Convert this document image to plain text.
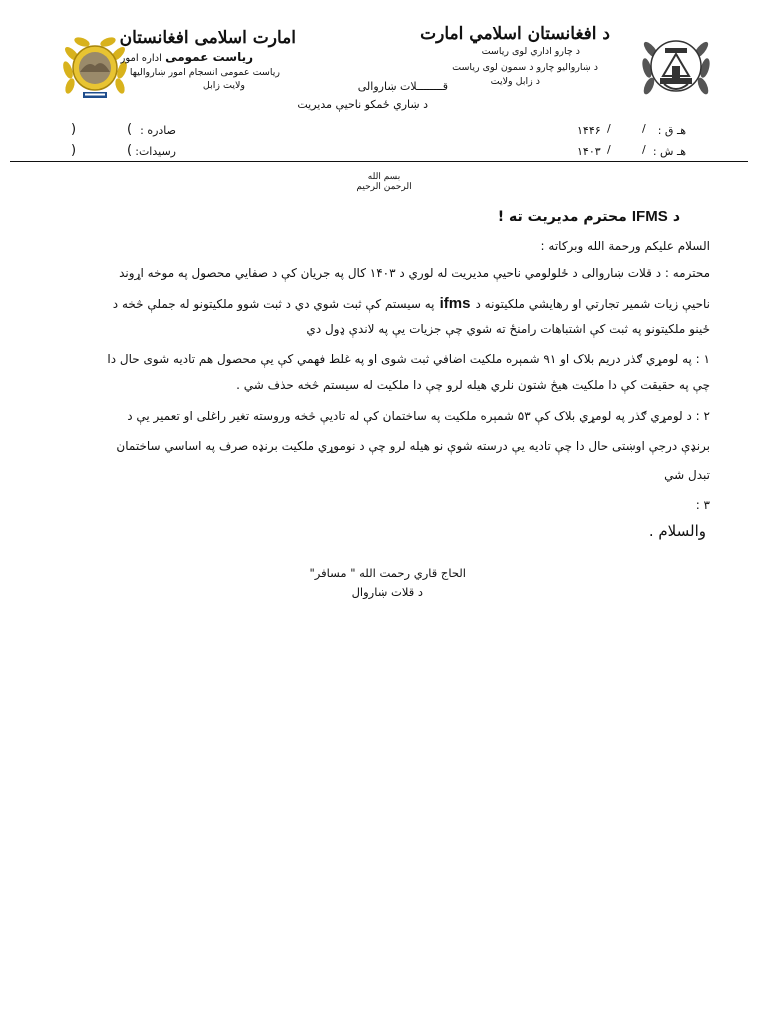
امارت اسلامی افغانستان
ریاست عمومی اداره امور
ریاست عمومی انسجام امور ښاروالیها
ولایت زابل
د افغانستان اسلامي امارت
د چارو اداري لوی ریاست
د ښاروالیو چارو د سمون لوی ریاست
د زابل ولایت
قــــــــلات ښاروالی
د ښاري ځمکو ناحیې مدیریت
هـ ق :
/
/
۱۴۴۶
هـ ش :
/
/
۱۴۰۳
صادره :
(
)
رسیدات:
(
)
بسم الله
الرحمن الرحیم
د IFMS محترم مدیریت ته !
السلام علیکم ورحمة الله وبرکاته :
محترمه : د قلات ښاروالی د ځلولومي ناحیې مدیریت له لوري د ۱۴۰۳ کال په جریان کې د صفایي محصول په موخه اړوند
ناحیې زیات شمیر تجارتي او رهایشي ملکیتونه د ifms په سیستم کې ثبت شوي دي د ثبت شوو ملکیتونو له جملې څخه د
ځینو ملکیتونو په ثبت کې اشتباهات رامنځ ته شوي چې جزیات یې په لاندې ډول دي
۱ : په لومړي ګذر دریم بلاک او ۹۱ شمېره ملکیت اضافي ثبت شوی او په غلط فهمي کې یې محصول هم تادیه شوی حال دا
چې په حقیقت کې دا ملکیت هیڅ شتون نلري هیله لرو چې دا ملکیت له سیستم څخه حذف شي .
۲ : د لومړي ګذر په لومړي بلاک کې ۵۳ شمېره ملکیت په ساختمان کې له تادیې څخه وروسته تغیر راغلی او تعمیر یې د
برنډې درجې اوښتی حال دا چې تادیه یې درسته شوې نو هیله لرو چې د نوموړي ملکیت برنډه صرف په اساسي ساختمان
تبدل شي
۳ :
والسلام .
الحاج قاري رحمت الله " مسافر"
د قلات ښاروال
